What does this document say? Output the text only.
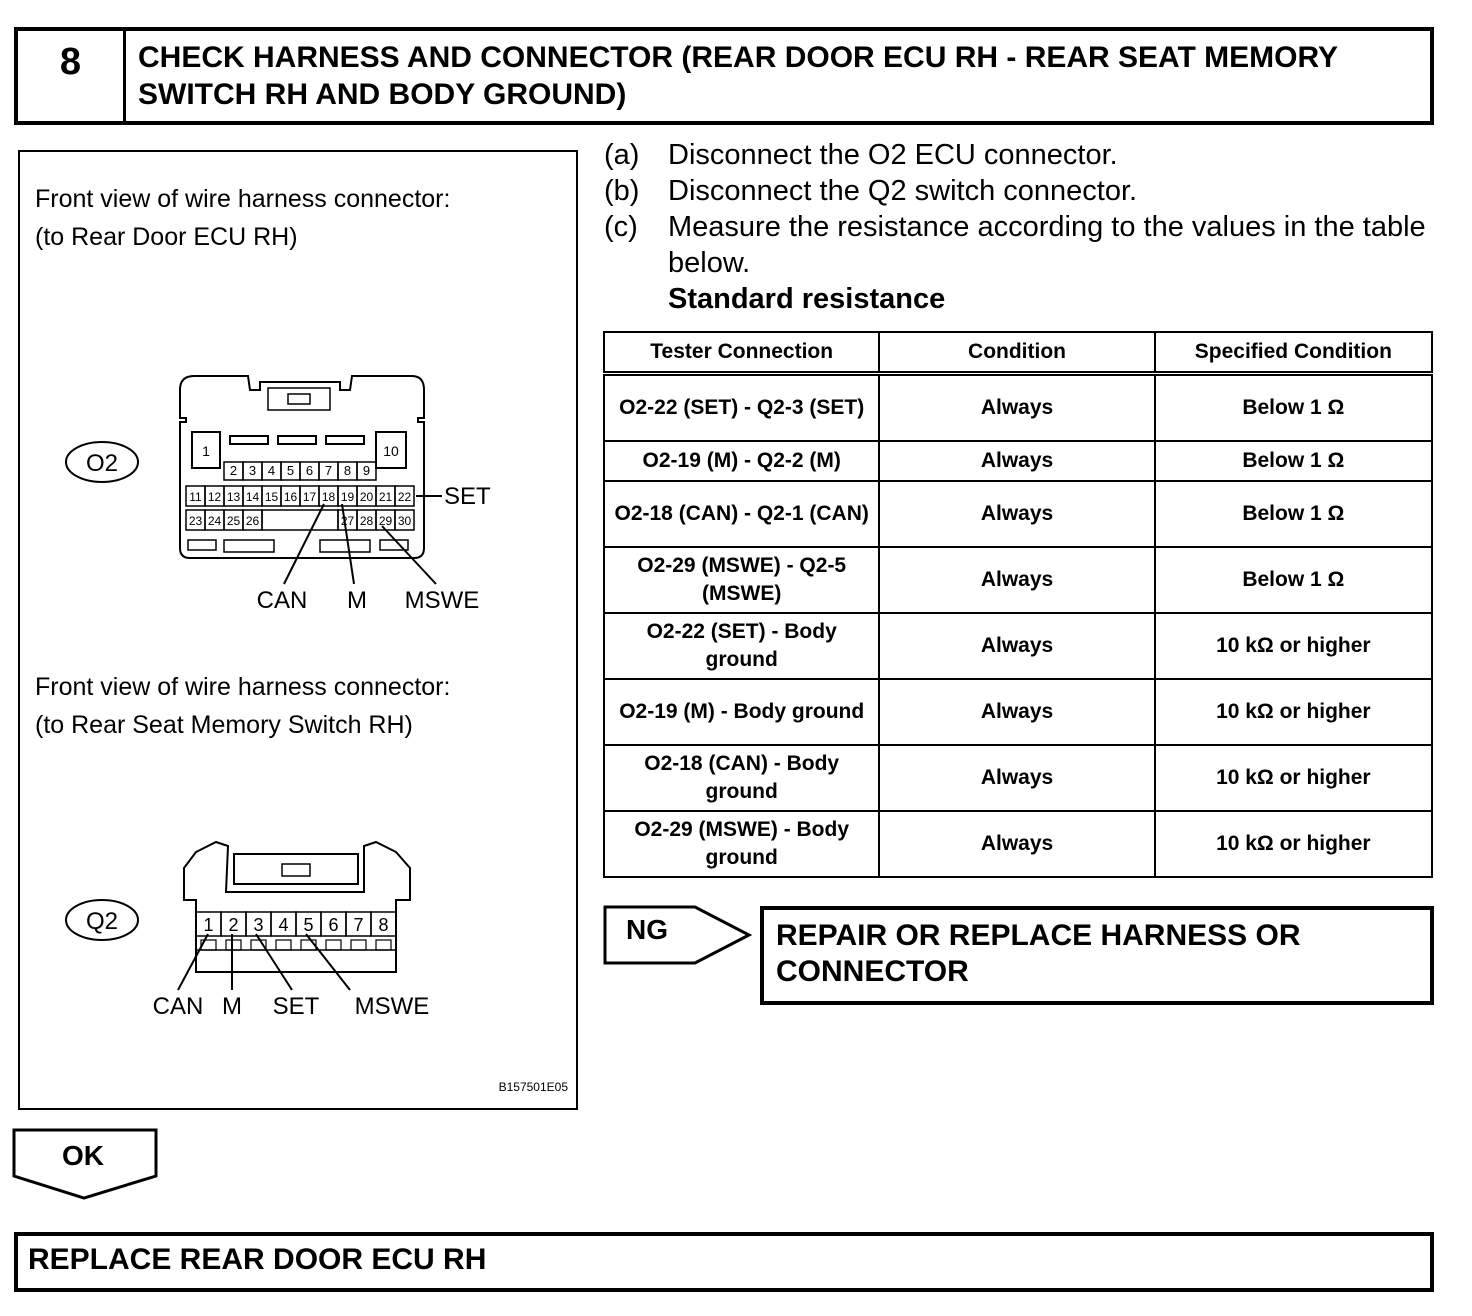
8	CHECK HARNESS AND CONNECTOR (REAR DOOR ECU RH - REAR SEAT MEMORY SWITCH RH AND BODY GROUND)
Front view of wire harness connector:
(to Rear Door ECU RH)
Front view of wire harness connector:
(to Rear Seat Memory Switch RH)
O2	1	10
2 3 4 5 6 7 8 9
11 12 13 14 15 16 17 18 19 20 21 22
23 24 25 26	27 28 29 30
SET
CAN M MSWE
Q2	1 2 3 4 5 6 7 8
CAN M SET MSWE
B157501E05
(a) Disconnect the O2 ECU connector.
(b) Disconnect the Q2 switch connector.
(c) Measure the resistance according to the values in the table below.
Standard resistance
Tester Connection	Condition	Specified Condition
O2-22 (SET) - Q2-3 (SET)	Always	Below 1 Ω
O2-19 (M) - Q2-2 (M)	Always	Below 1 Ω
O2-18 (CAN) - Q2-1 (CAN)	Always	Below 1 Ω
O2-29 (MSWE) - Q2-5 (MSWE)	Always	Below 1 Ω
O2-22 (SET) - Body ground	Always	10 kΩ or higher
O2-19 (M) - Body ground	Always	10 kΩ or higher
O2-18 (CAN) - Body ground	Always	10 kΩ or higher
O2-29 (MSWE) - Body ground	Always	10 kΩ or higher
NG	REPAIR OR REPLACE HARNESS OR CONNECTOR
OK
REPLACE REAR DOOR ECU RH
